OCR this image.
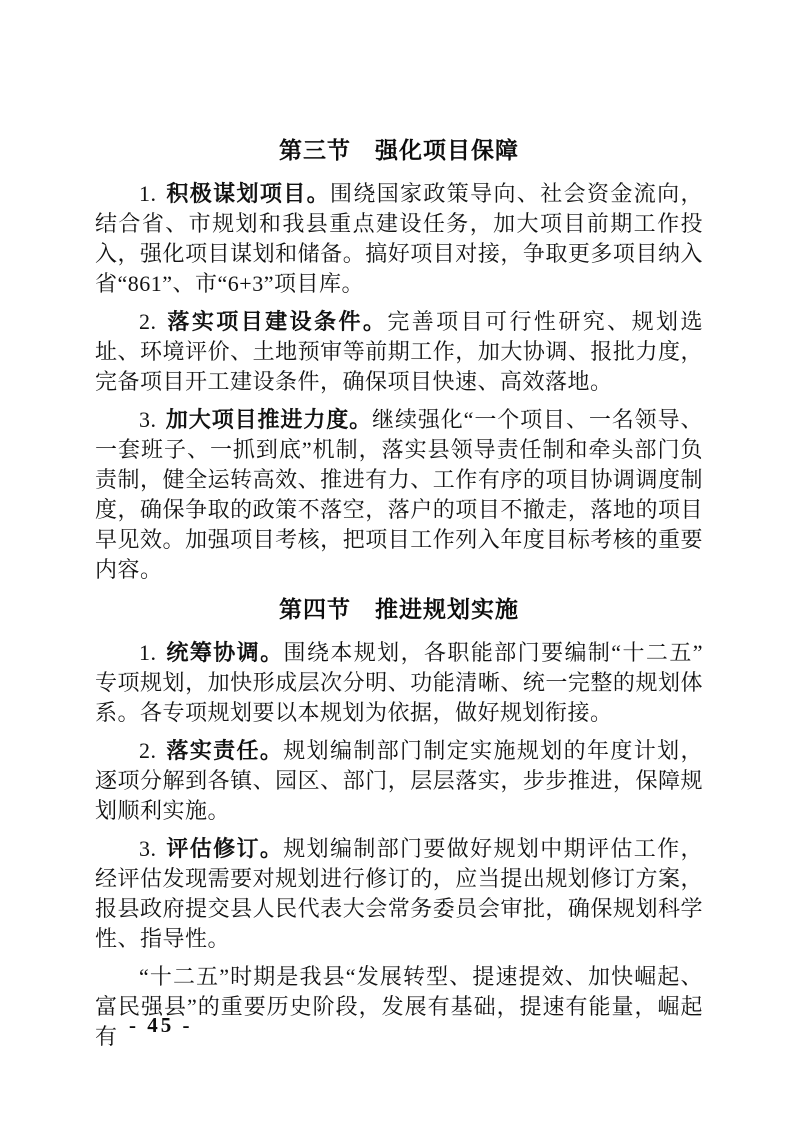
第三节　强化项目保障

1. 积极谋划项目。围绕国家政策导向、社会资金流向，结合省、市规划和我县重点建设任务，加大项目前期工作投入，强化项目谋划和储备。搞好项目对接，争取更多项目纳入省“861”、市“6+3”项目库。

2. 落实项目建设条件。完善项目可行性研究、规划选址、环境评价、土地预审等前期工作，加大协调、报批力度，完备项目开工建设条件，确保项目快速、高效落地。

3. 加大项目推进力度。继续强化“一个项目、一名领导、一套班子、一抓到底”机制，落实县领导责任制和牵头部门负责制，健全运转高效、推进有力、工作有序的项目协调调度制度，确保争取的政策不落空，落户的项目不撤走，落地的项目早见效。加强项目考核，把项目工作列入年度目标考核的重要内容。

第四节　推进规划实施

1. 统筹协调。围绕本规划，各职能部门要编制“十二五”专项规划，加快形成层次分明、功能清晰、统一完整的规划体系。各专项规划要以本规划为依据，做好规划衔接。

2. 落实责任。规划编制部门制定实施规划的年度计划，逐项分解到各镇、园区、部门，层层落实，步步推进，保障规划顺利实施。

3. 评估修订。规划编制部门要做好规划中期评估工作，经评估发现需要对规划进行修订的，应当提出规划修订方案，报县政府提交县人民代表大会常务委员会审批，确保规划科学性、指导性。

“十二五”时期是我县“发展转型、提速提效、加快崛起、富民强县”的重要历史阶段，发展有基础，提速有能量，崛起有 - 45 -
